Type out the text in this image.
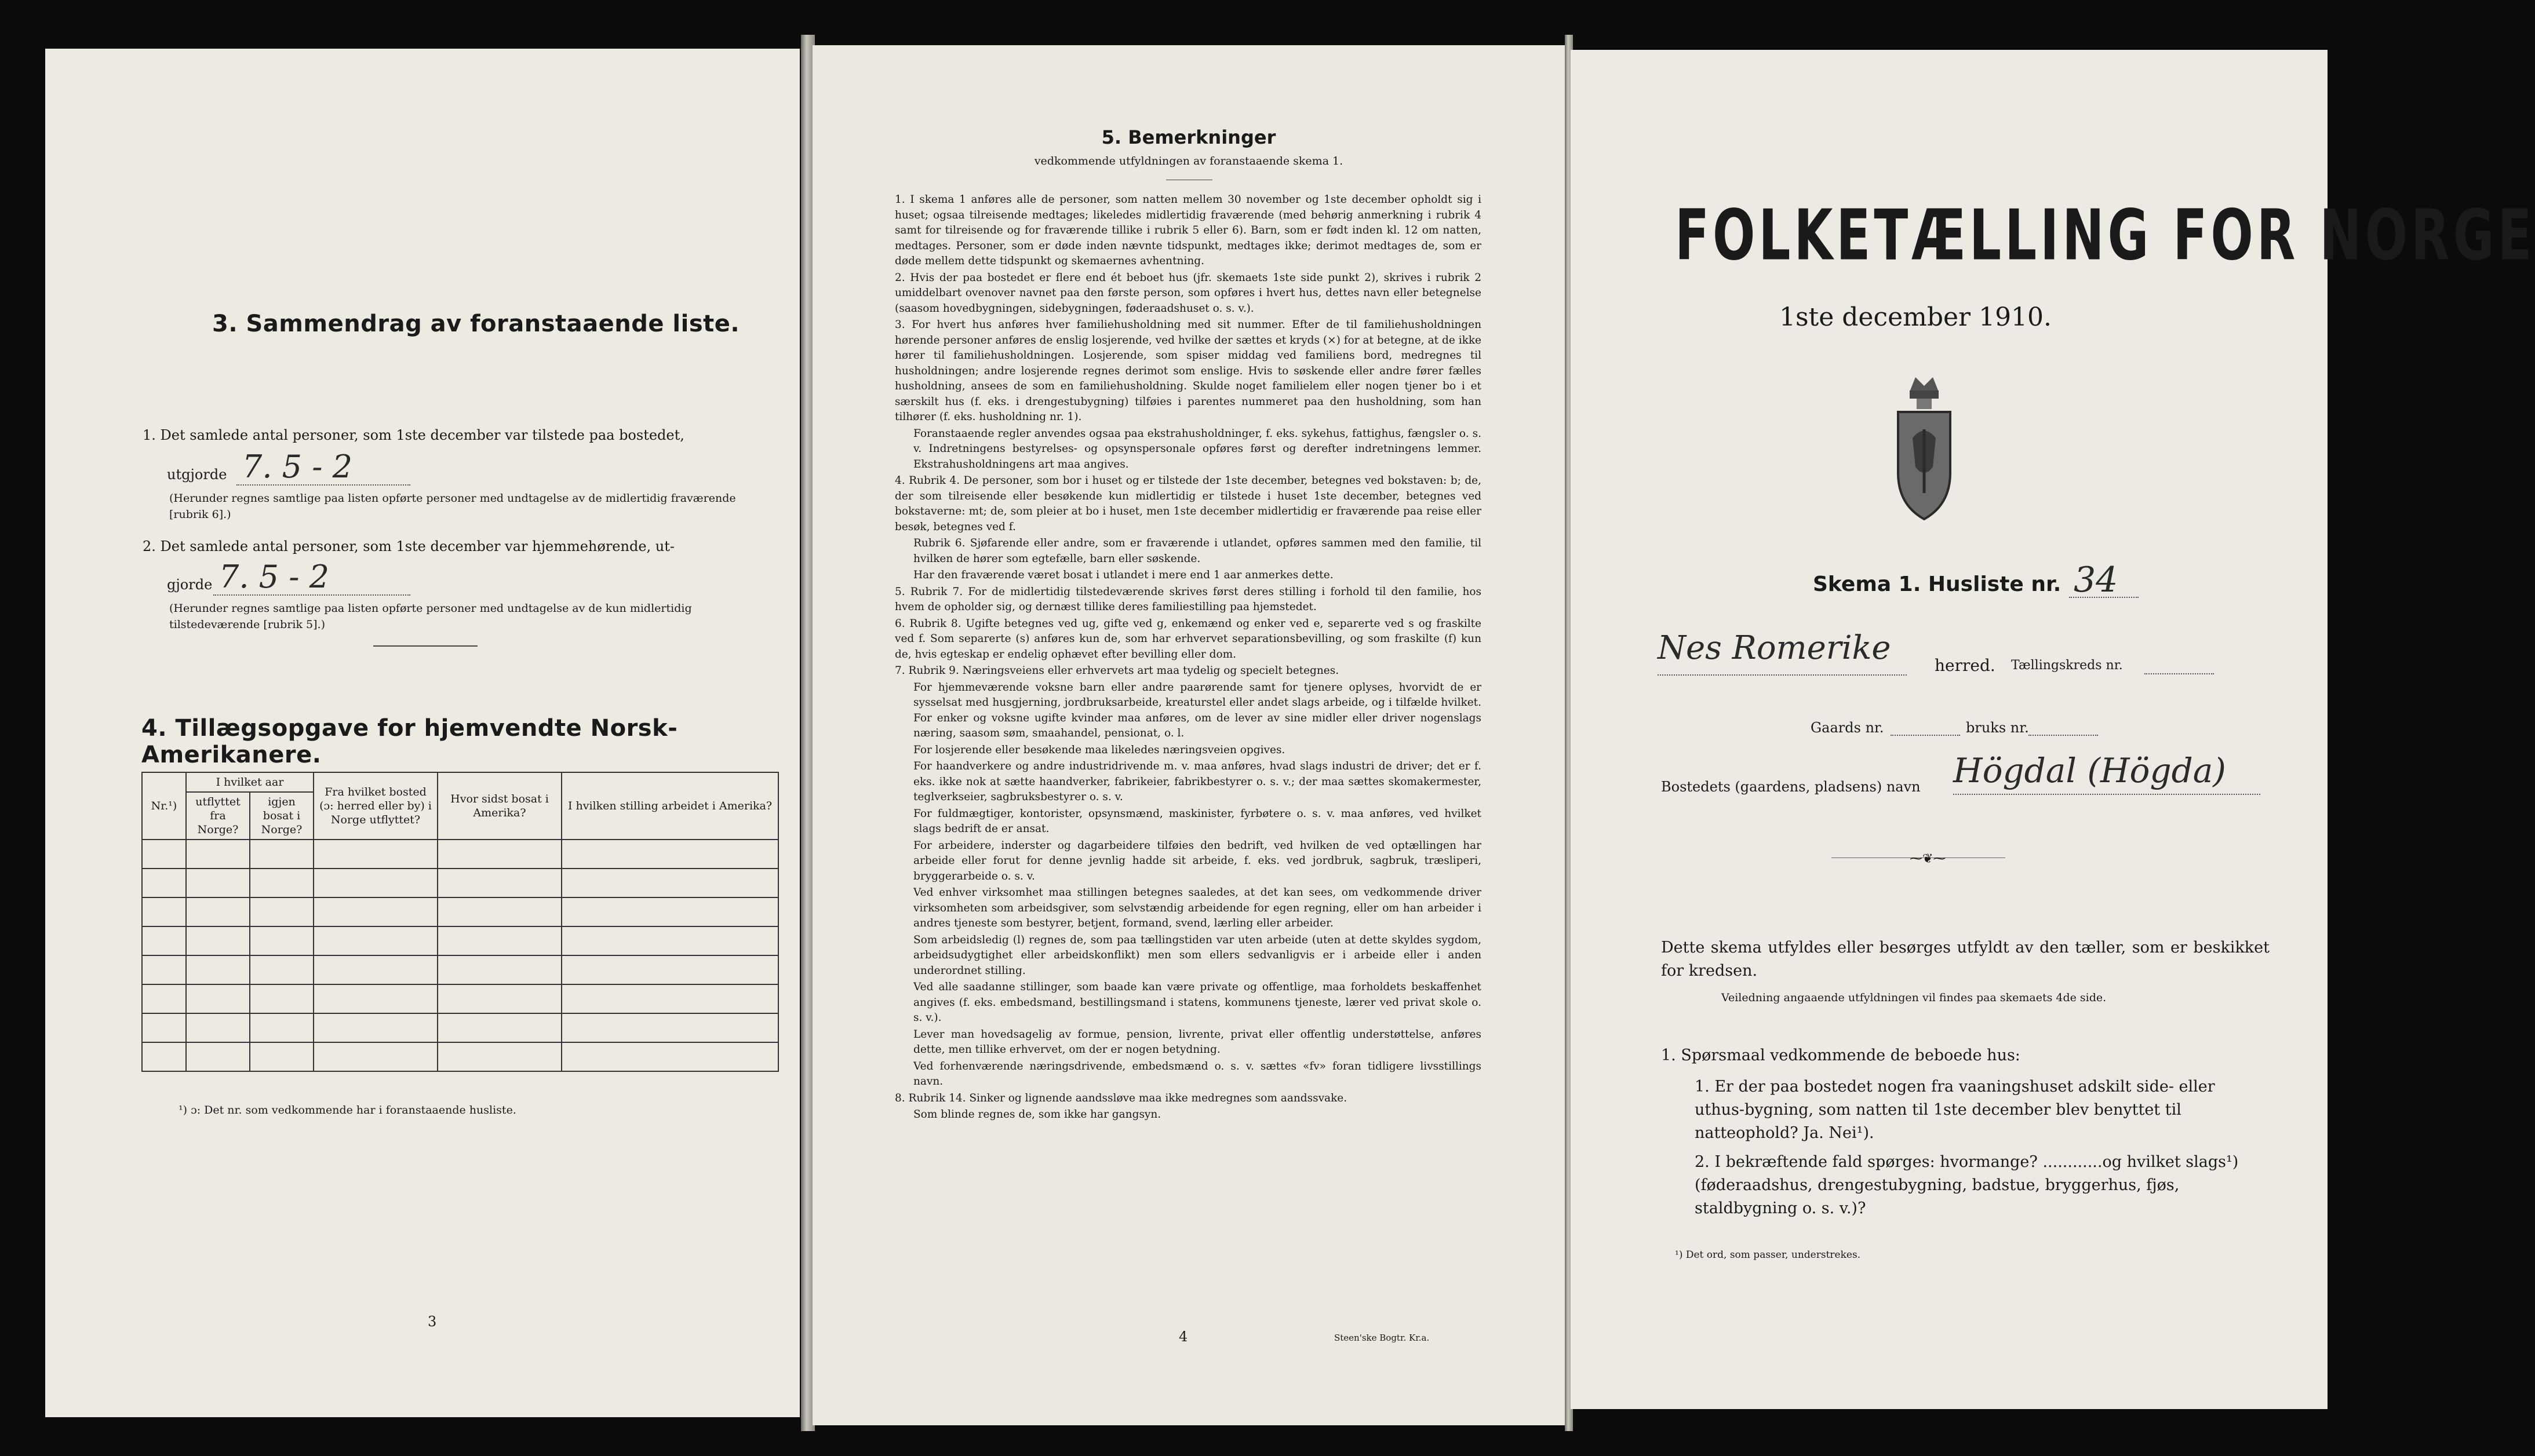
3. Sammendrag av foranstaaende liste.
1. Det samlede antal personer, som 1ste december var tilstede paa bostedet,
utgjorde 7. 5 - 2
(Herunder regnes samtlige paa listen opførte personer med undtagelse av de midlertidig fraværende [rubrik 6].)
2. Det samlede antal personer, som 1ste december var hjemmehørende, ut-
gjorde 7. 5 - 2
(Herunder regnes samtlige paa listen opførte personer med undtagelse av de kun midlertidig tilstedeværende [rubrik 5].)
4. Tillægsopgave for hjemvendte Norsk-Amerikanere.
Nr.¹)	I hvilket aar		Fra hvilket bosted (ɔ: herred eller by) i Norge utflyttet?	Hvor sidst bosat i Amerika?	I hvilken stilling arbeidet i Amerika?
	utflyttet fra Norge?	igjen bosat i Norge?			

¹) ɔ: Det nr. som vedkommende har i foranstaaende husliste.
3
5. Bemerkninger
vedkommende utfyldningen av foranstaaende skema 1.

1. I skema 1 anføres alle de personer, som natten mellem 30 november og 1ste december opholdt sig i huset; ogsaa tilreisende medtages; likeledes midlertidig fraværende (med behørig anmerkning i rubrik 4 samt for tilreisende og for fraværende tillike i rubrik 5 eller 6). Barn, som er født inden kl. 12 om natten, medtages. Personer, som er døde inden nævnte tidspunkt, medtages ikke; derimot medtages de, som er døde mellem dette tidspunkt og skemaernes avhentning.

2. Hvis der paa bostedet er flere end ét beboet hus (jfr. skemaets 1ste side punkt 2), skrives i rubrik 2 umiddelbart ovenover navnet paa den første person, som opføres i hvert hus, dettes navn eller betegnelse (saasom hovedbygningen, sidebygningen, føderaadshuset o. s. v.).

3. For hvert hus anføres hver familiehusholdning med sit nummer. Efter de til familiehusholdningen hørende personer anføres de enslig losjerende, ved hvilke der sættes et kryds (×) for at betegne, at de ikke hører til familiehusholdningen. Losjerende, som spiser middag ved familiens bord, medregnes til husholdningen; andre losjerende regnes derimot som enslige. Hvis to søskende eller andre fører fælles husholdning, ansees de som en familiehusholdning. Skulde noget familielem eller nogen tjener bo i et særskilt hus (f. eks. i drengestubygning) tilføies i parentes nummeret paa den husholdning, som han tilhører (f. eks. husholdning nr. 1).

Foranstaaende regler anvendes ogsaa paa ekstrahusholdninger, f. eks. sykehus, fattighus, fængsler o. s. v. Indretningens bestyrelses- og opsynspersonale opføres først og derefter indretningens lemmer. Ekstrahusholdningens art maa angives.

4. Rubrik 4. De personer, som bor i huset og er tilstede der 1ste december, betegnes ved bokstaven: b; de, der som tilreisende eller besøkende kun midlertidig er tilstede i huset 1ste december, betegnes ved bokstaverne: mt; de, som pleier at bo i huset, men 1ste december midlertidig er fraværende paa reise eller besøk, betegnes ved f.

Rubrik 6. Sjøfarende eller andre, som er fraværende i utlandet, opføres sammen med den familie, til hvilken de hører som egtefælle, barn eller søskende.

Har den fraværende været bosat i utlandet i mere end 1 aar anmerkes dette.

5. Rubrik 7. For de midlertidig tilstedeværende skrives først deres stilling i forhold til den familie, hos hvem de opholder sig, og dernæst tillike deres familiestilling paa hjemstedet.

6. Rubrik 8. Ugifte betegnes ved ug, gifte ved g, enkemænd og enker ved e, separerte ved s og fraskilte ved f. Som separerte (s) anføres kun de, som har erhvervet separationsbevilling, og som fraskilte (f) kun de, hvis egteskap er endelig ophævet efter bevilling eller dom.

7. Rubrik 9. Næringsveiens eller erhvervets art maa tydelig og specielt betegnes.

For hjemmeværende voksne barn eller andre paarørende samt for tjenere oplyses, hvorvidt de er sysselsat med husgjerning, jordbruksarbeide, kreaturstel eller andet slags arbeide, og i tilfælde hvilket. For enker og voksne ugifte kvinder maa anføres, om de lever av sine midler eller driver nogenslags næring, saasom søm, smaahandel, pensionat, o. l.

For losjerende eller besøkende maa likeledes næringsveien opgives.

For haandverkere og andre industridrivende m. v. maa anføres, hvad slags industri de driver; det er f. eks. ikke nok at sætte haandverker, fabrikeier, fabrikbestyrer o. s. v.; der maa sættes skomakermester, teglverkseier, sagbruksbestyrer o. s. v.

For fuldmægtiger, kontorister, opsynsmænd, maskinister, fyrbøtere o. s. v. maa anføres, ved hvilket slags bedrift de er ansat.

For arbeidere, inderster og dagarbeidere tilføies den bedrift, ved hvilken de ved optællingen har arbeide eller forut for denne jevnlig hadde sit arbeide, f. eks. ved jordbruk, sagbruk, træsliperi, bryggerarbeide o. s. v.

Ved enhver virksomhet maa stillingen betegnes saaledes, at det kan sees, om vedkommende driver virksomheten som arbeidsgiver, som selvstændig arbeidende for egen regning, eller om han arbeider i andres tjeneste som bestyrer, betjent, formand, svend, lærling eller arbeider.

Som arbeidsledig (l) regnes de, som paa tællingstiden var uten arbeide (uten at dette skyldes sygdom, arbeidsudygtighet eller arbeidskonflikt) men som ellers sedvanligvis er i arbeide eller i anden underordnet stilling.

Ved alle saadanne stillinger, som baade kan være private og offentlige, maa forholdets beskaffenhet angives (f. eks. embedsmand, bestillingsmand i statens, kommunens tjeneste, lærer ved privat skole o. s. v.).

Lever man hovedsagelig av formue, pension, livrente, privat eller offentlig understøttelse, anføres dette, men tillike erhvervet, om der er nogen betydning.

Ved forhenværende næringsdrivende, embedsmænd o. s. v. sættes «fv» foran tidligere livsstillings navn.

8. Rubrik 14. Sinker og lignende aandssløve maa ikke medregnes som aandssvake.

Som blinde regnes de, som ikke har gangsyn.

4	Steen'ske Bogtr. Kr.a.
FOLKETÆLLING FOR NORGE
1ste december 1910.
Skema 1. Husliste nr. 34
Nes Romerike	herred. Tællingskreds nr.
Gaards nr.	bruks nr.
Bostedets (gaardens, pladsens) navn Högdal (Högda)
⁓❦⁓
Dette skema utfyldes eller besørges utfyldt av den tæller, som er beskikket for kredsen.
Veiledning angaaende utfyldningen vil findes paa skemaets 4de side.
1. Spørsmaal vedkommende de beboede hus:
1. Er der paa bostedet nogen fra vaaningshuset adskilt side- eller uthus-bygning, som natten til 1ste december blev benyttet til natteophold? Ja. Nei¹).
2. I bekræftende fald spørges: hvormange? ............og hvilket slags¹) (føderaadshus, drengestubygning, badstue, bryggerhus, fjøs, staldbygning o. s. v.)?
¹) Det ord, som passer, understrekes.
